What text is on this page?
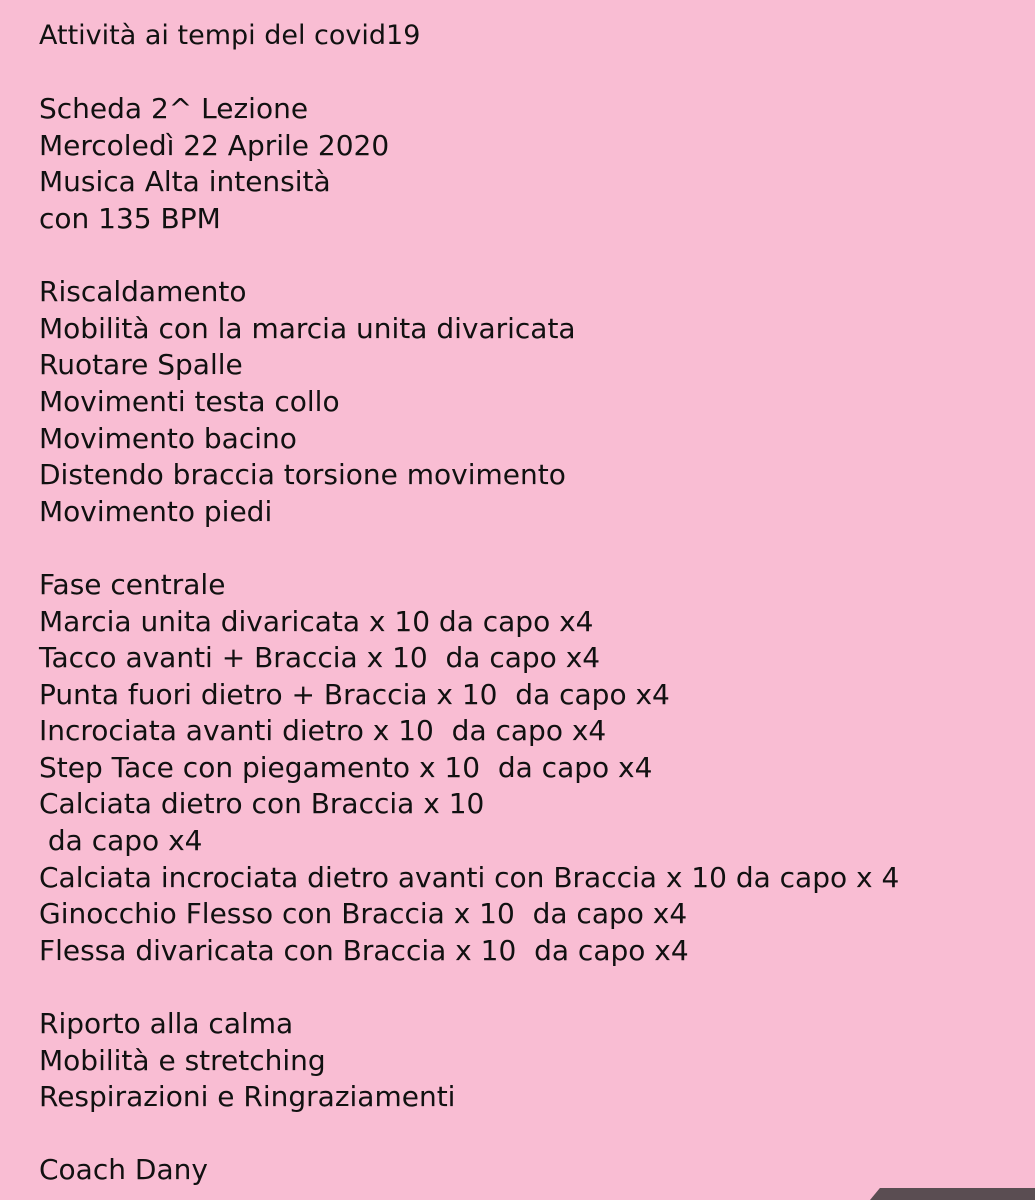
Attività ai tempi del covid19
Scheda 2^ Lezione
Mercoledì 22 Aprile 2020
Musica Alta intensità
con 135 BPM
Riscaldamento
Mobilità con la marcia unita divaricata
Ruotare Spalle
Movimenti testa collo
Movimento bacino
Distendo braccia torsione movimento
Movimento piedi
Fase centrale
Marcia unita divaricata x 10 da capo x4
Tacco avanti + Braccia x 10  da capo x4
Punta fuori dietro + Braccia x 10  da capo x4
Incrociata avanti dietro x 10  da capo x4
Step Tace con piegamento x 10  da capo x4
Calciata dietro con Braccia x 10
da capo x4
Calciata incrociata dietro avanti con Braccia x 10 da capo x 4
Ginocchio Flesso con Braccia x 10  da capo x4
Flessa divaricata con Braccia x 10  da capo x4
Riporto alla calma
Mobilità e stretching
Respirazioni e Ringraziamenti
Coach Dany
